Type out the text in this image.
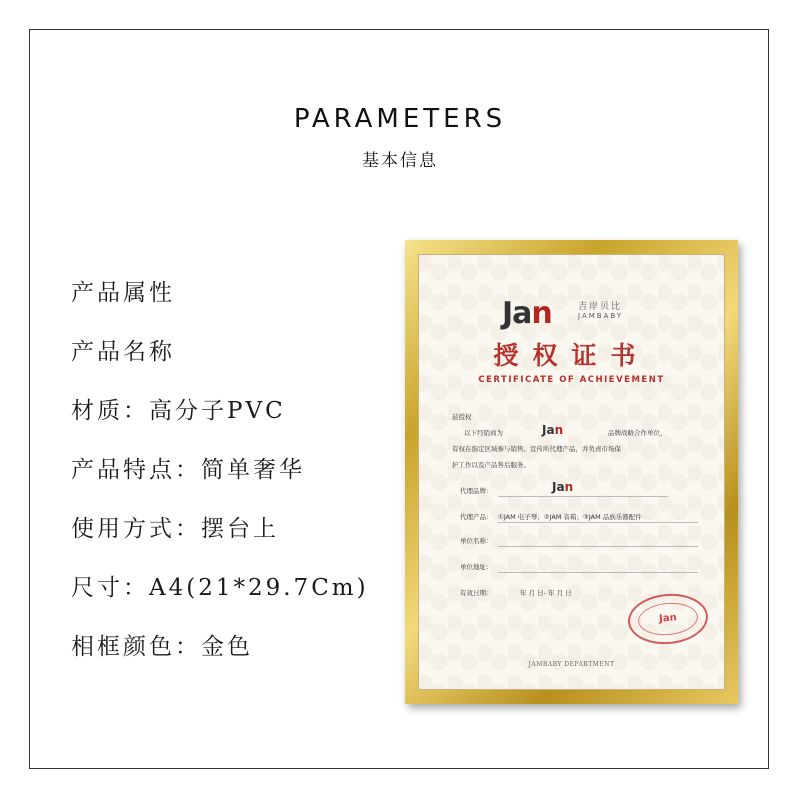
PARAMETERS
基本信息
产品属性
产品名称
材质：高分子PVC
产品特点：简单奢华
使用方式：摆台上
尺寸：A4(21*29.7Cm)
相框颜色：金色
Jan	吉岸贝比
JAMBABY
授权证书
CERTIFICATE OF ACHIEVEMENT
兹授权
以下经销商为	Jan	品牌战略合作单位，
有权在指定区域参与销售、宣传所代理产品，并负责市场保
护工作以及产品售后服务。
代理品牌：	Jan
代理产品： ①JAM 电子琴；②JAM 音箱；③JAM 品族乐器配件
单位名称：
单位地址：
有效日期：	年 月 日- 年 月 日
Jan
JAMBABY DEPARTMENT
